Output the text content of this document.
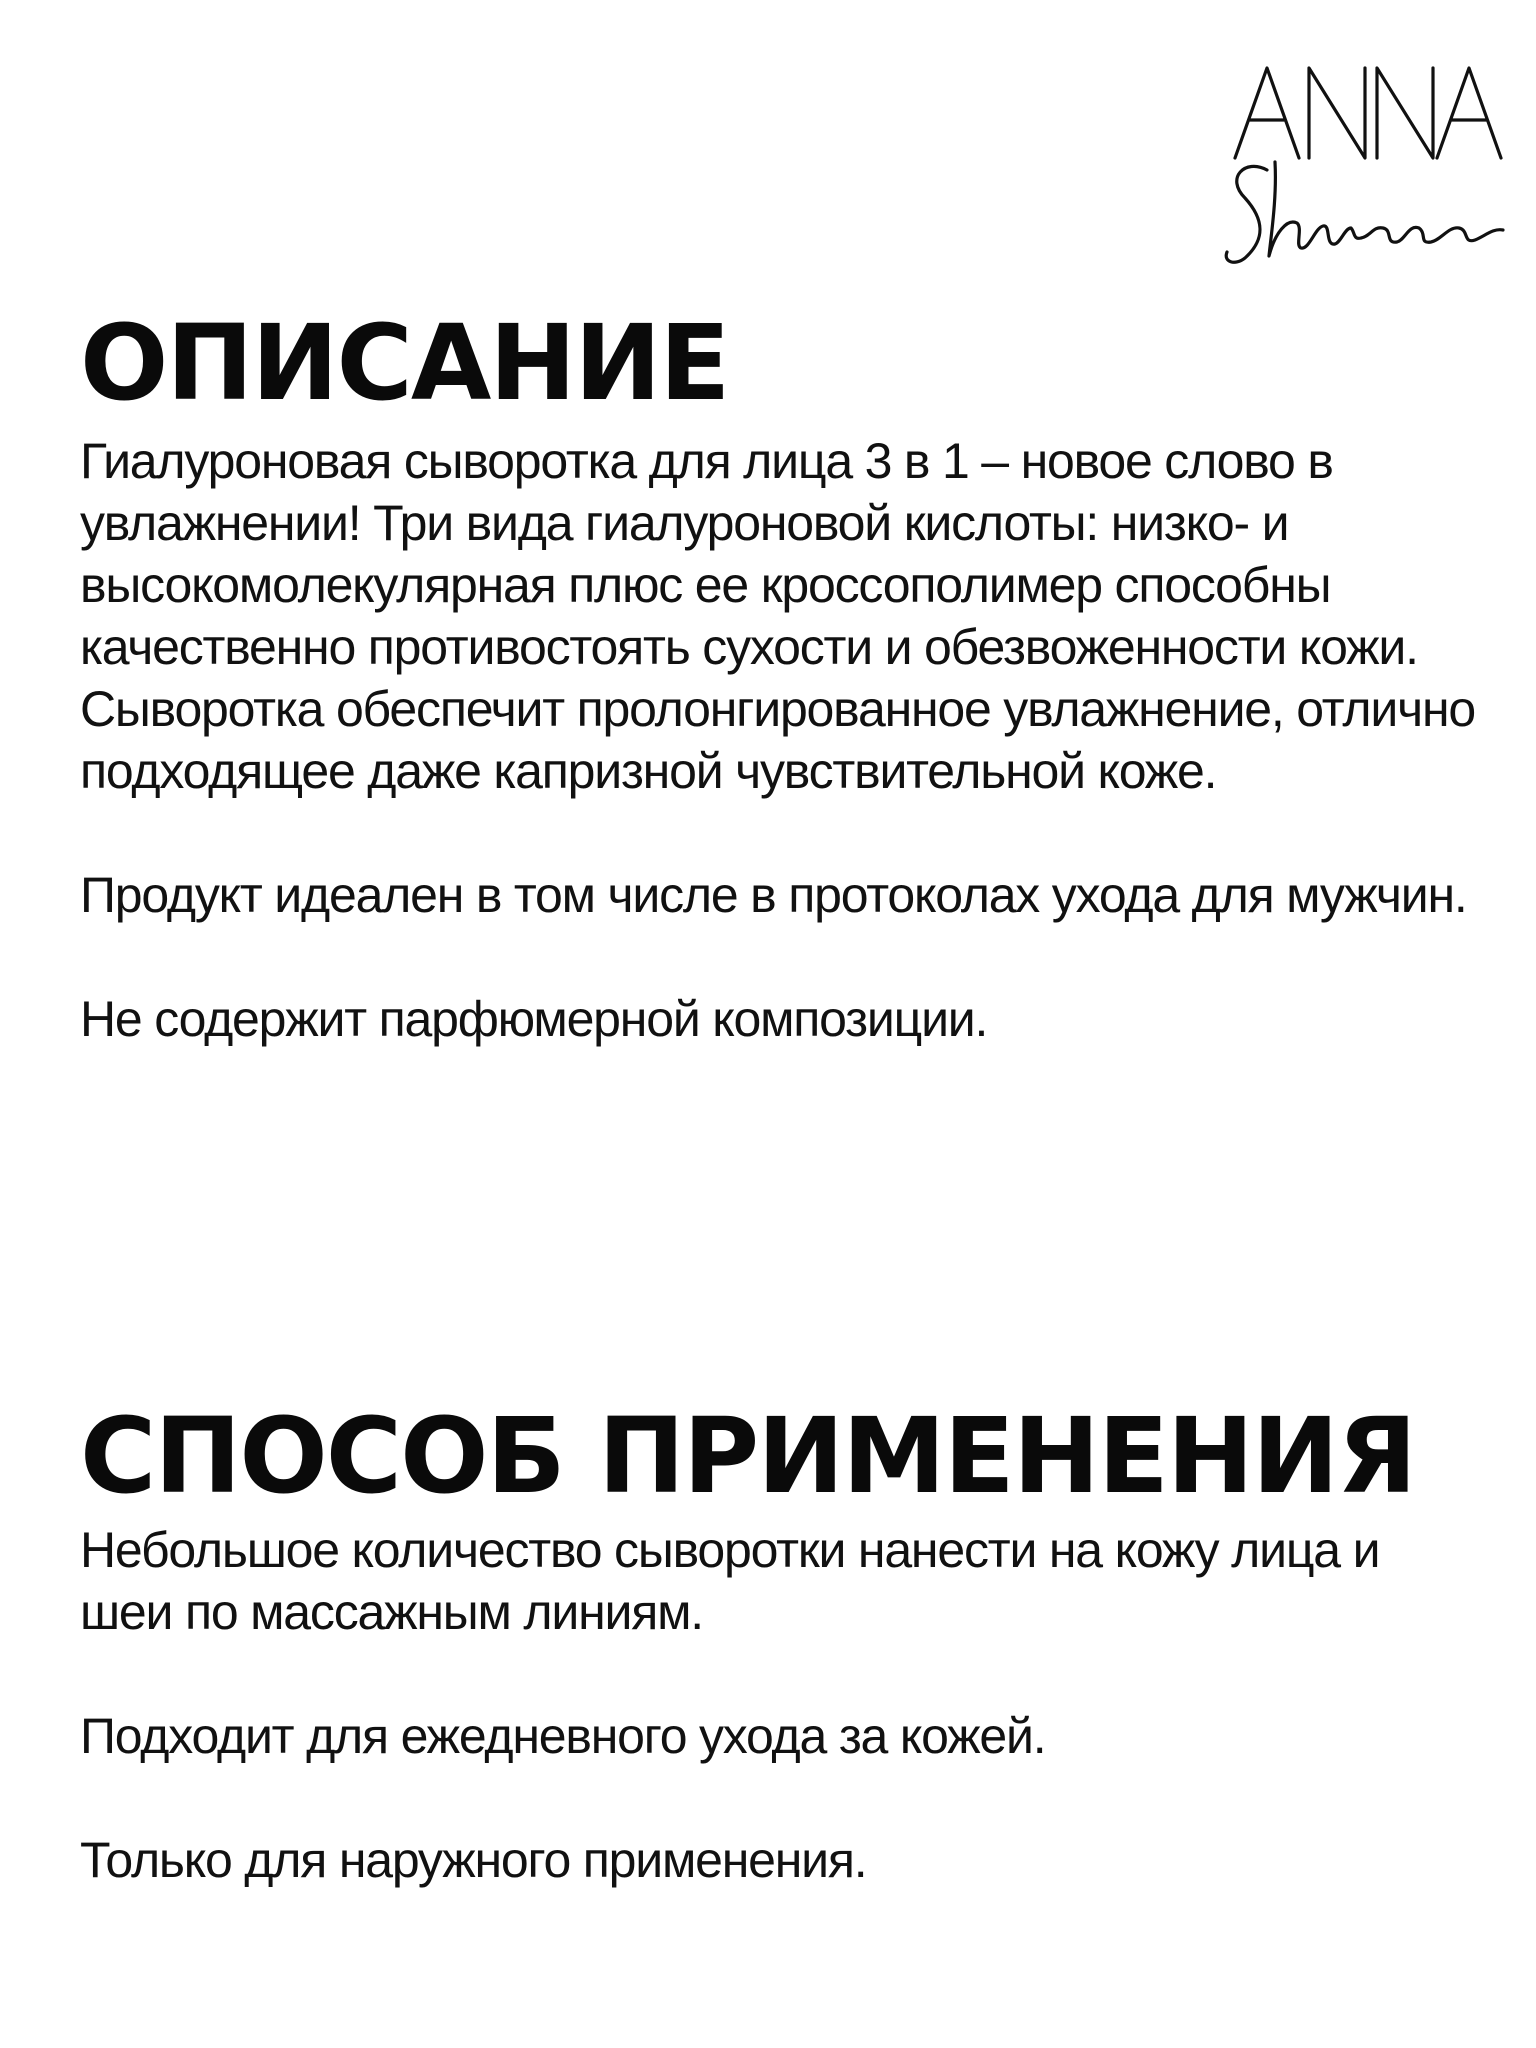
ОПИСАНИЕ

Гиалуроновая сыворотка для лица 3 в 1 – новое слово в увлажнении! Три вида гиалуроновой кислоты: низко- и высокомолекулярная плюс ее кроссополимер способны качественно противостоять сухости и обезвоженности кожи. Сыворотка обеспечит пролонгированное увлажнение, отлично подходящее даже капризной чувствительной коже.

Продукт идеален в том числе в протоколах ухода для мужчин.

Не содержит парфюмерной композиции.

СПОСОБ ПРИМЕНЕНИЯ

Небольшое количество сыворотки нанести на кожу лица и шеи по массажным линиям.

Подходит для ежедневного ухода за кожей.

Только для наружного применения.
